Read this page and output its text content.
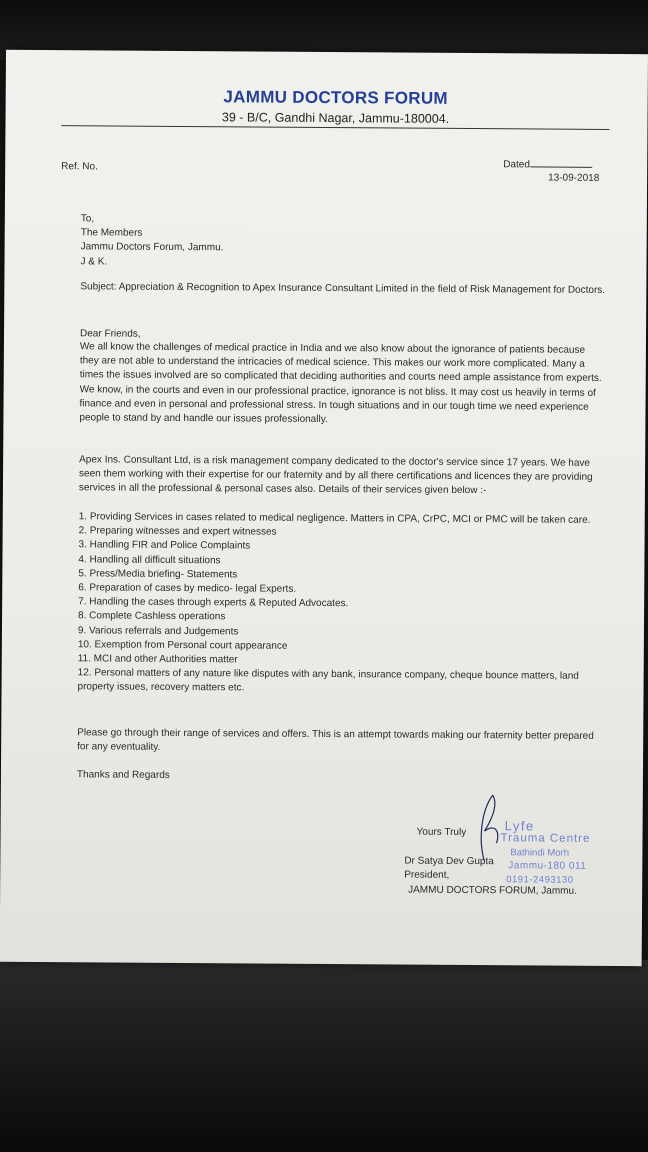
JAMMU DOCTORS FORUM
39 - B/C, Gandhi Nagar, Jammu-180004.
Ref. No.	Dated
13-09-2018
To,
The Members
Jammu Doctors Forum, Jammu.
J & K.
Subject: Appreciation & Recognition to Apex Insurance Consultant Limited in the field of Risk Management for Doctors.
Dear Friends,
We all know the challenges of medical practice in India and we also know about the ignorance of patients because they are not able to understand the intricacies of medical science. This makes our work more complicated. Many a times the issues involved are so complicated that deciding authorities and courts need ample assistance from experts. We know, in the courts and even in our professional practice, ignorance is not bliss. It may cost us heavily in terms of finance and even in personal and professional stress. In tough situations and in our tough time we need experience people to stand by and handle our issues professionally.
Apex Ins. Consultant Ltd, is a risk management company dedicated to the doctor's service since 17 years. We have seen them working with their expertise for our fraternity and by all there certifications and licences they are providing services in all the professional & personal cases also. Details of their services given below :-
1. Providing Services in cases related to medical negligence. Matters in CPA, CrPC, MCI or PMC will be taken care.
2. Preparing witnesses and expert witnesses
3. Handling FIR and Police Complaints
4. Handling all difficult situations
5. Press/Media briefing- Statements
6. Preparation of cases by medico- legal Experts.
7. Handling the cases through experts & Reputed Advocates.
8. Complete Cashless operations
9. Various referrals and Judgements
10. Exemption from Personal court appearance
11. MCI and other Authorities matter
12. Personal matters of any nature like disputes with any bank, insurance company, cheque bounce matters, land property issues, recovery matters etc.
Please go through their range of services and offers. This is an attempt towards making our fraternity better prepared for any eventuality.
Thanks and Regards
Yours Truly
Dr Satya Dev Gupta
President,
JAMMU DOCTORS FORUM, Jammu.
Lyfe
Trauma Centre
Bathindi Morh
Jammu-180 011
0191-2493130
